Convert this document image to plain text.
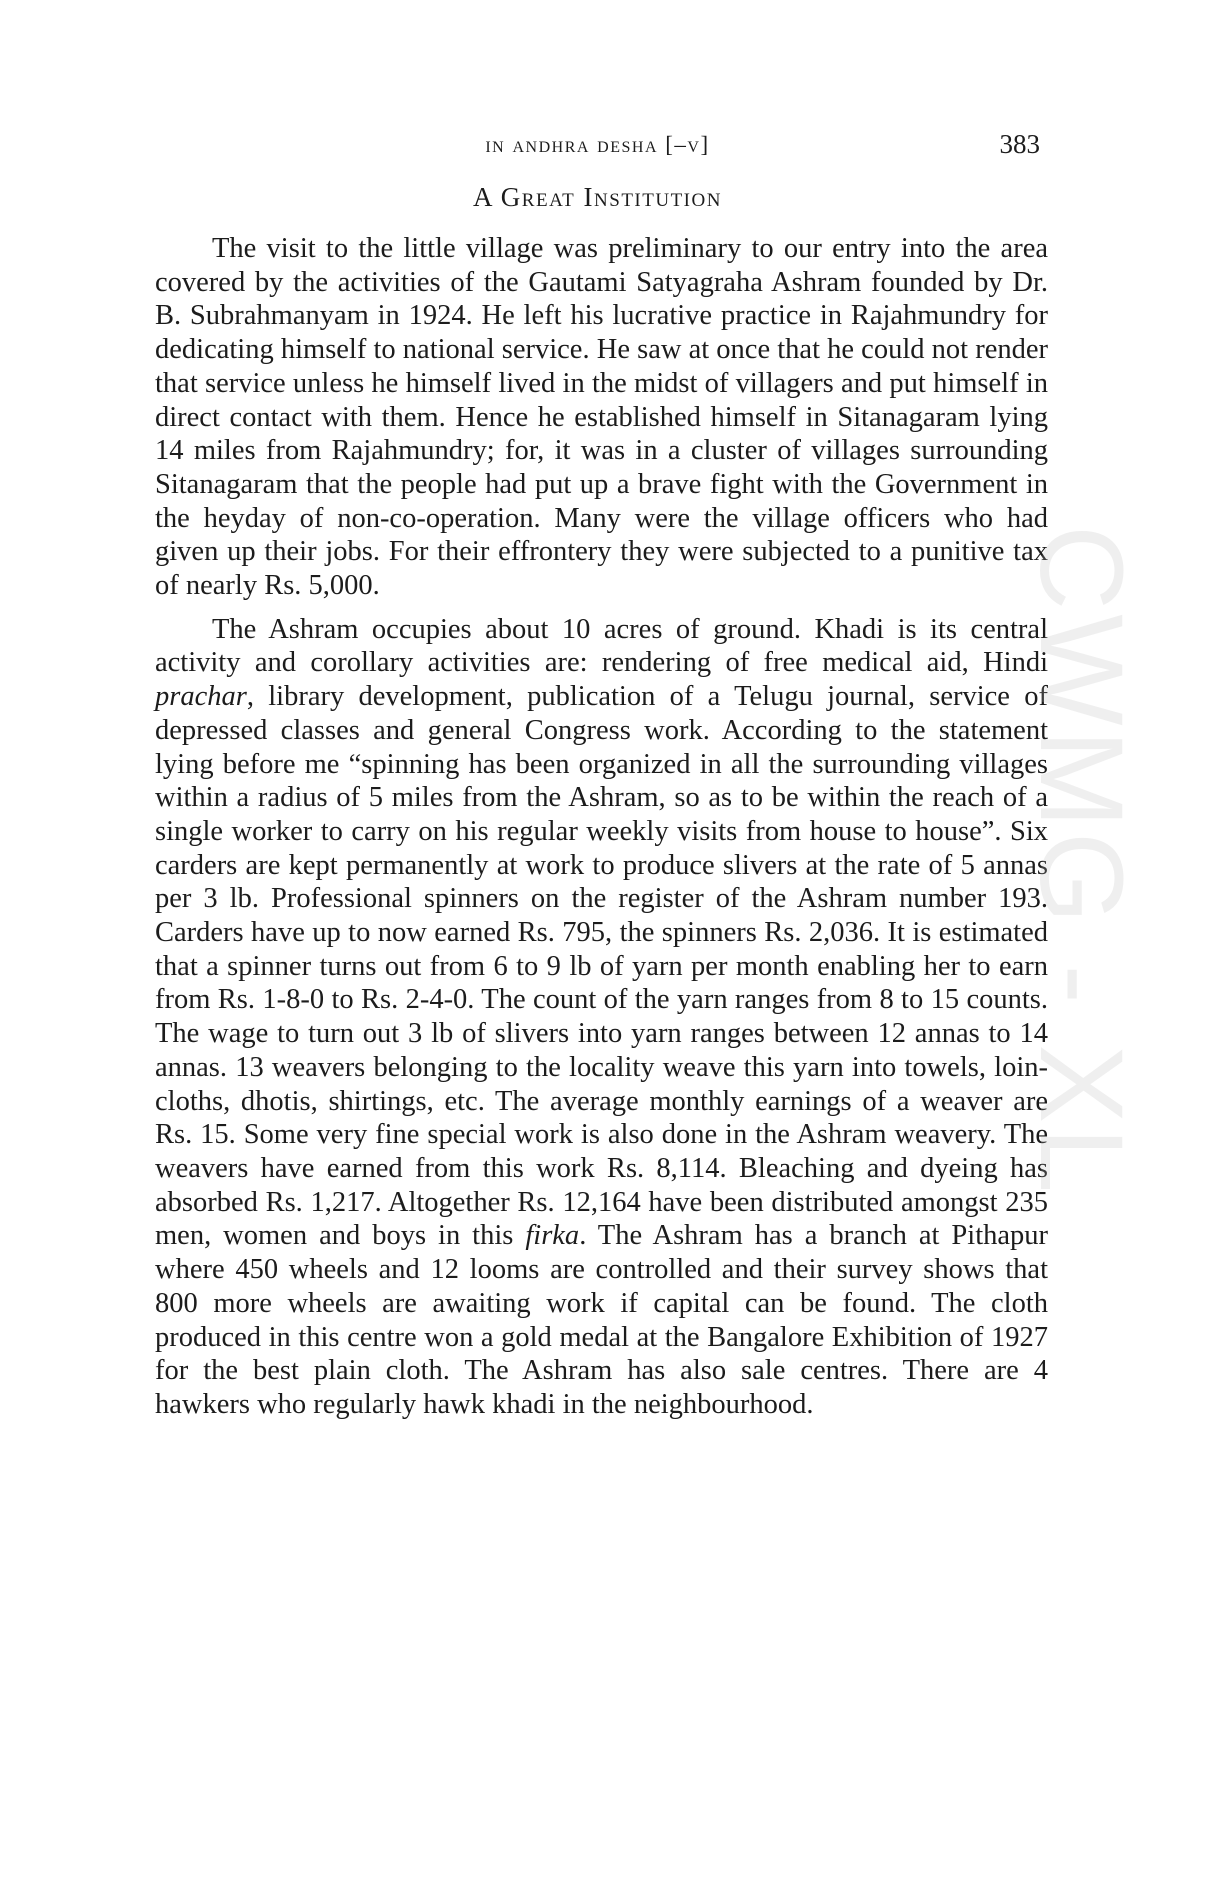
in andhra desha [–v]	383
A Great Institution

The visit to the little village was preliminary to our entry into the area covered by the activities of the Gautami Satyagraha Ashram founded by Dr. B. Subrahmanyam in 1924. He left his lucrative practice in Rajahmundry for dedicating himself to national service. He saw at once that he could not render that service unless he himself lived in the midst of villagers and put himself in direct contact with them. Hence he established himself in Sitanagaram lying 14 miles from Rajahmundry; for, it was in a cluster of villages surrounding Sitanagaram that the people had put up a brave fight with the Government in the heyday of non-co-operation. Many were the village officers who had given up their jobs. For their effrontery they were subjected to a punitive tax of nearly Rs. 5,000.

The Ashram occupies about 10 acres of ground. Khadi is its central activity and corollary activities are: rendering of free medical aid, Hindi prachar, library development, publication of a Telugu journal, service of depressed classes and general Congress work. According to the statement lying before me “spinning has been organized in all the surrounding villages within a radius of 5 miles from the Ashram, so as to be within the reach of a single worker to carry on his regular weekly visits from house to house”. Six carders are kept permanently at work to produce slivers at the rate of 5 annas per 3 lb. Professional spinners on the register of the Ashram number 193. Carders have up to now earned Rs. 795, the spinners Rs. 2,036. It is estimated that a spinner turns out from 6 to 9 lb of yarn per month enabling her to earn from Rs. 1-8-0 to Rs. 2-4-0. The count of the yarn ranges from 8 to 15 counts. The wage to turn out 3 lb of slivers into yarn ranges between 12 annas to 14 annas. 13 weavers belonging to the locality weave this yarn into towels, loin-cloths, dhotis, shirtings, etc. The average monthly earnings of a weaver are Rs. 15. Some very fine special work is also done in the Ashram weavery. The weavers have earned from this work Rs. 8,114. Bleaching and dyeing has absorbed Rs. 1,217. Altogether Rs. 12,164 have been distributed amongst 235 men, women and boys in this firka. The Ashram has a branch at Pithapur where 450 wheels and 12 looms are controlled and their survey shows that 800 more wheels are awaiting work if capital can be found. The cloth produced in this centre won a gold medal at the Bangalore Exhibition of 1927 for the best plain cloth. The Ashram has also sale centres. There are 4 hawkers who regularly hawk khadi in the neighbourhood.

CWMG - XL
